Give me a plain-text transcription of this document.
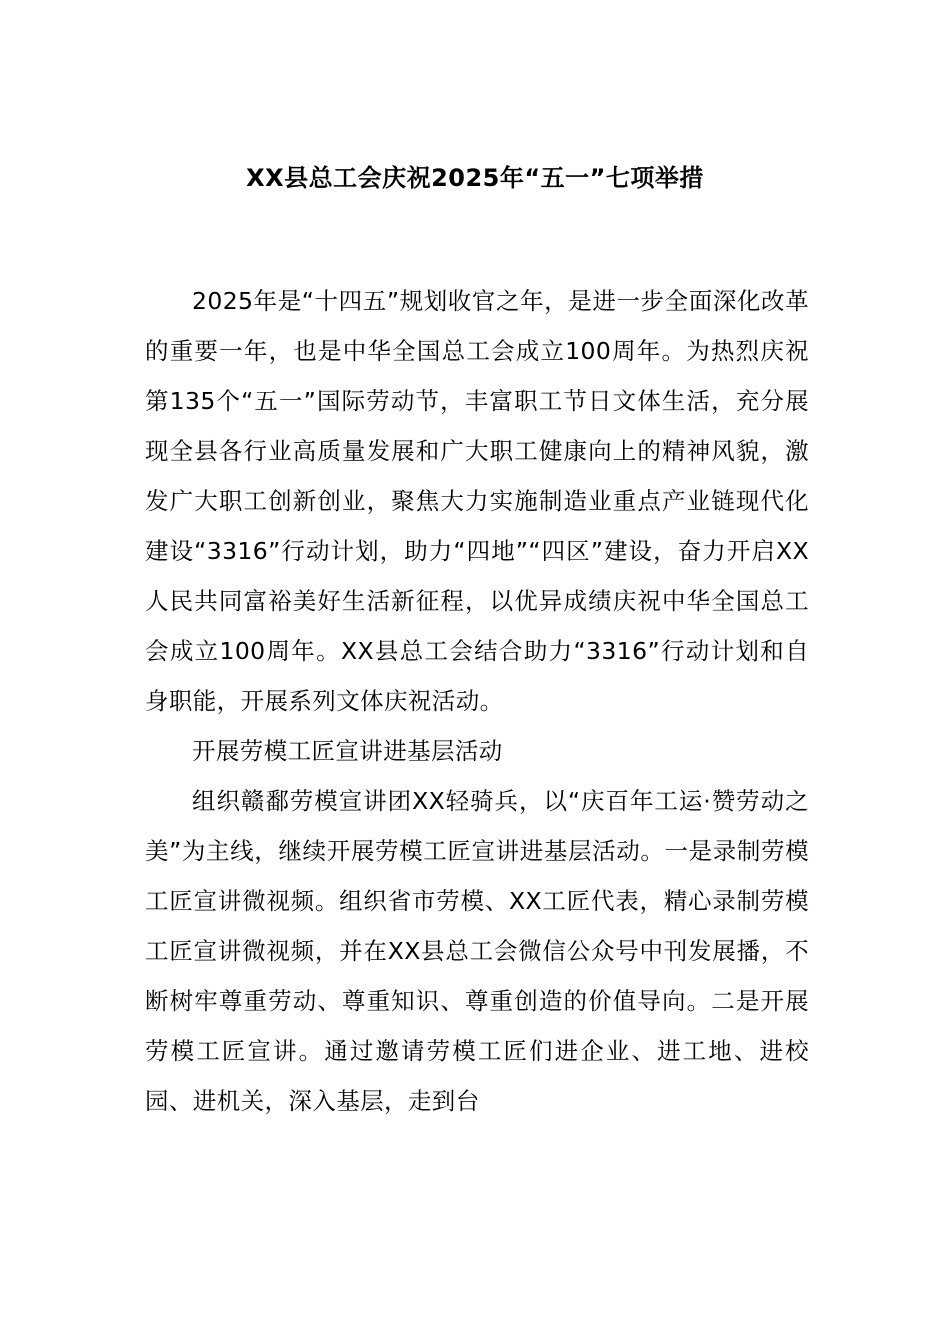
XX县总工会庆祝2025年“五一”七项举措

2025年是“十四五”规划收官之年，是进一步全面深化改革的重要一年，也是中华全国总工会成立100周年。为热烈庆祝第135个“五一”国际劳动节，丰富职工节日文体生活，充分展现全县各行业高质量发展和广大职工健康向上的精神风貌，激发广大职工创新创业，聚焦大力实施制造业重点产业链现代化建设“3316”行动计划，助力“四地”“四区”建设，奋力开启XX人民共同富裕美好生活新征程，以优异成绩庆祝中华全国总工会成立100周年。XX县总工会结合助力“3316”行动计划和自身职能，开展系列文体庆祝活动。

开展劳模工匠宣讲进基层活动

组织赣鄱劳模宣讲团XX轻骑兵，以“庆百年工运·赞劳动之美”为主线，继续开展劳模工匠宣讲进基层活动。一是录制劳模工匠宣讲微视频。组织省市劳模、XX工匠代表，精心录制劳模工匠宣讲微视频，并在XX县总工会微信公众号中刊发展播，不断树牢尊重劳动、尊重知识、尊重创造的价值导向。二是开展劳模工匠宣讲。通过邀请劳模工匠们进企业、进工地、进校园、进机关，深入基层，走到台
